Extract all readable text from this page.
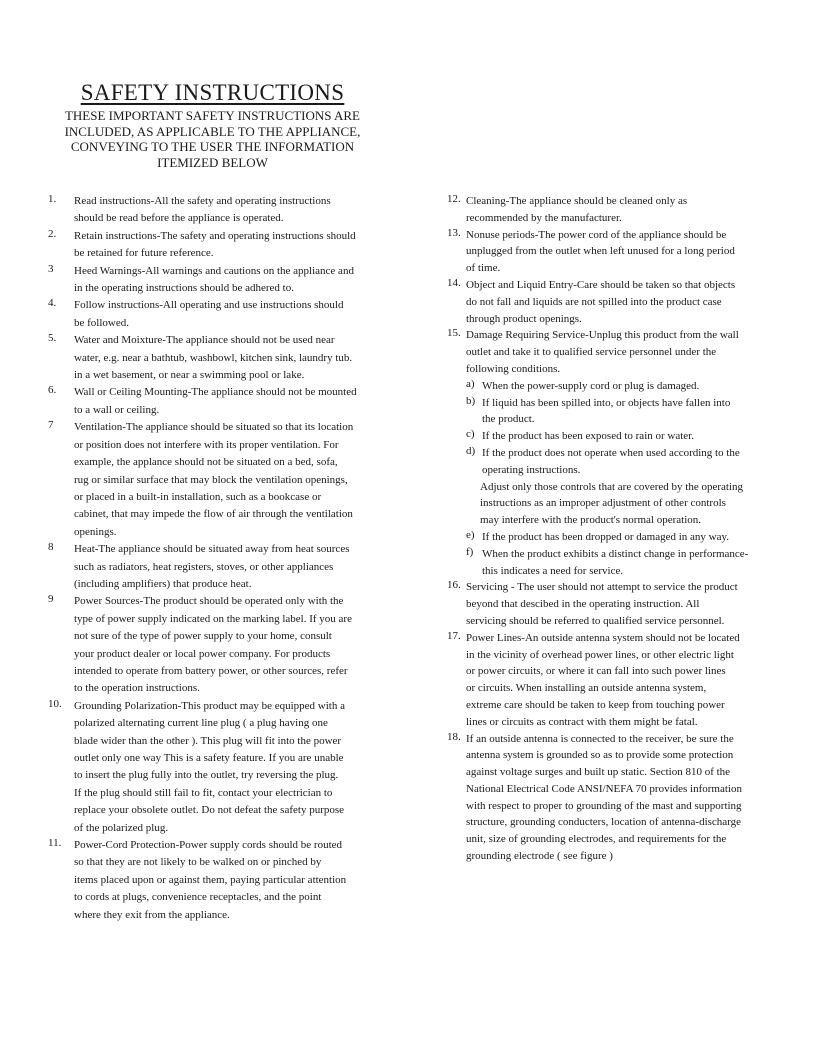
SAFETY INSTRUCTIONS
THESE IMPORTANT SAFETY INSTRUCTIONS ARE
INCLUDED, AS APPLICABLE TO THE APPLIANCE,
CONVEYING TO THE USER THE INFORMATION
ITEMIZED BELOW
1.	Read instructions-All the safety and operating instructions
should be read before the appliance is operated.
2.	Retain instructions-The safety and operating instructions should
be retained for future reference.
3	Heed Warnings-All warnings and cautions on the appliance and
in the operating instructions should be adhered to.
4.	Follow instructions-All operating and use instructions should
be followed.
5.	Water and Moixture-The appliance should not be used near
water, e.g. near a bathtub, washbowl, kitchen sink, laundry tub.
in a wet basement, or near a swimming pool or lake.
6.	Wall or Ceiling Mounting-The appliance should not be mounted
to a wall or ceiling.
7	Ventilation-The appliance should be situated so that its location
or position does not interfere with its proper ventilation. For
example, the applance should not be situated on a bed, sofa,
rug or similar surface that may block the ventilation openings,
or placed in a built-in installation, such as a bookcase or
cabinet, that may impede the flow of air through the ventilation
openings.
8	Heat-The appliance should be situated away from heat sources
such as radiators, heat registers, stoves, or other appliances
(including amplifiers) that produce heat.
9	Power Sources-The product should be operated only with the
type of power supply indicated on the marking label. If you are
not sure of the type of power supply to your home, consult
your product dealer or local power company. For products
intended to operate from battery power, or other sources, refer
to the operation instructions.
10.	Grounding Polarization-This product may be equipped with a
polarized alternating current line plug ( a plug having one
blade wider than the other ). This plug will fit into the power
outlet only one way This is a safety feature. If you are unable
to insert the plug fully into the outlet, try reversing the plug.
If the plug should still fail to fit, contact your electrician to
replace your obsolete outlet. Do not defeat the safety purpose
of the polarized plug.
11.	Power-Cord Protection-Power supply cords should be routed
so that they are not likely to be walked on or pinched by
items placed upon or against them, paying particular attention
to cords at plugs, convenience receptacles, and the point
where they exit from the appliance.
12. Cleaning-The appliance should be cleaned only as
recommended by the manufacturer.
13. Nonuse periods-The power cord of the appliance should be
unplugged from the outlet when left unused for a long period
of time.
14. Object and Liquid Entry-Care should be taken so that objects
do not fall and liquids are not spilled into the product case
through product openings.
15. Damage Requiring Service-Unplug this product from the wall
outlet and take it to qualified service personnel under the
following conditions.
a) When the power-supply cord or plug is damaged.
b) If liquid has been spilled into, or objects have fallen into
the product.
c) If the product has been exposed to rain or water.
d) If the product does not operate when used according to the
operating instructions.
Adjust only those controls that are covered by the operating
instructions as an improper adjustment of other controls
may interfere with the product's normal operation.
e) If the product has been dropped or damaged in any way.
f) When the product exhibits a distinct change in performance-
this indicates a need for service.
16. Servicing - The user should not attempt to service the product
beyond that descibed in the operating instruction. All
servicing should be referred to qualified service personnel.
17. Power Lines-An outside antenna system should not be located
in the vicinity of overhead power lines, or other electric light
or power circuits, or where it can fall into such power lines
or circuits. When installing an outside antenna system,
extreme care should be taken to keep from touching power
lines or circuits as contract with them might be fatal.
18. If an outside antenna is connected to the receiver, be sure the
antenna system is grounded so as to provide some protection
against voltage surges and built up static. Section 810 of the
National Electrical Code ANSI/NEFA 70 provides information
with respect to proper to grounding of the mast and supporting
structure, grounding conducters, location of antenna-discharge
unit, size of grounding electrodes, and requirements for the
grounding electrode ( see figure )
